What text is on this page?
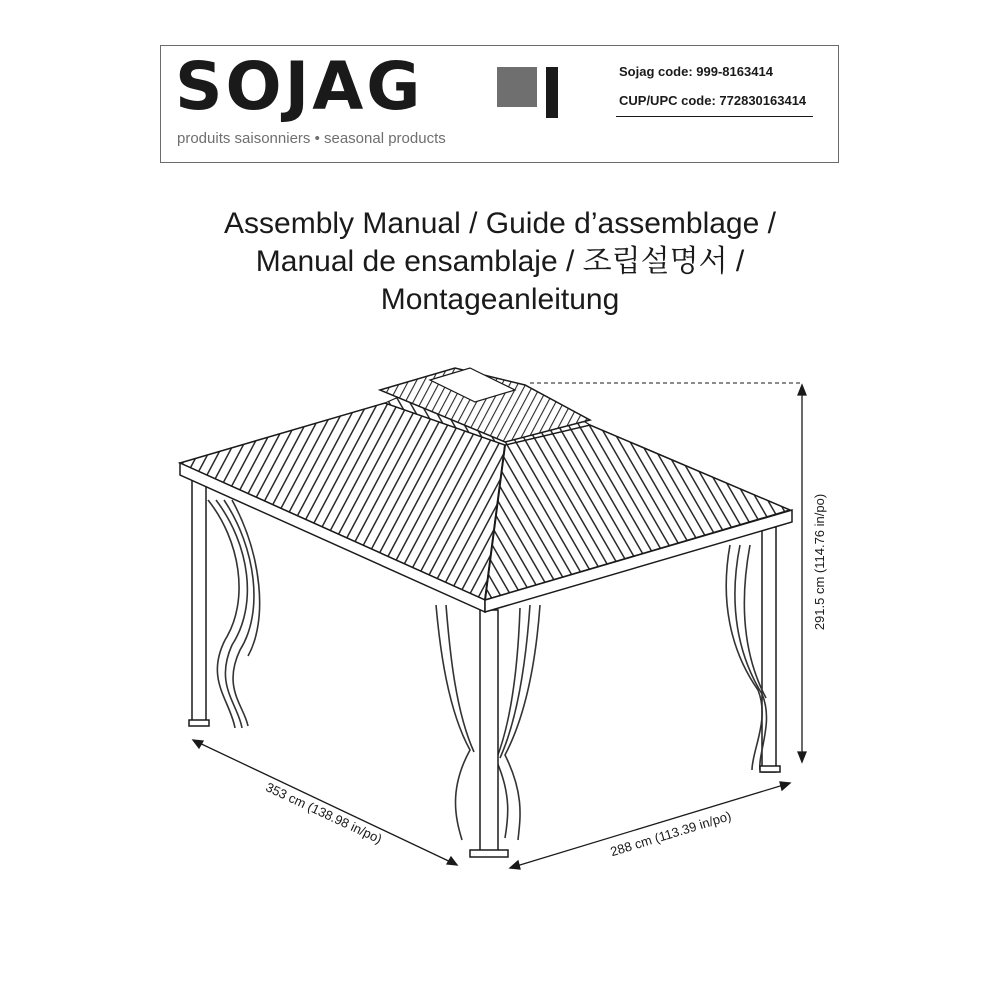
SOJAG
produits saisonniers • seasonal products
Sojag code: 999-8163414
CUP/UPC code: 772830163414
Assembly Manual / Guide d’assemblage /
Manual de ensamblaje / 조립설명서 /
Montageanleitung
353 cm (138.98 in/po)	288 cm (113.39 in/po)
291.5 cm (114.76 in/po)
